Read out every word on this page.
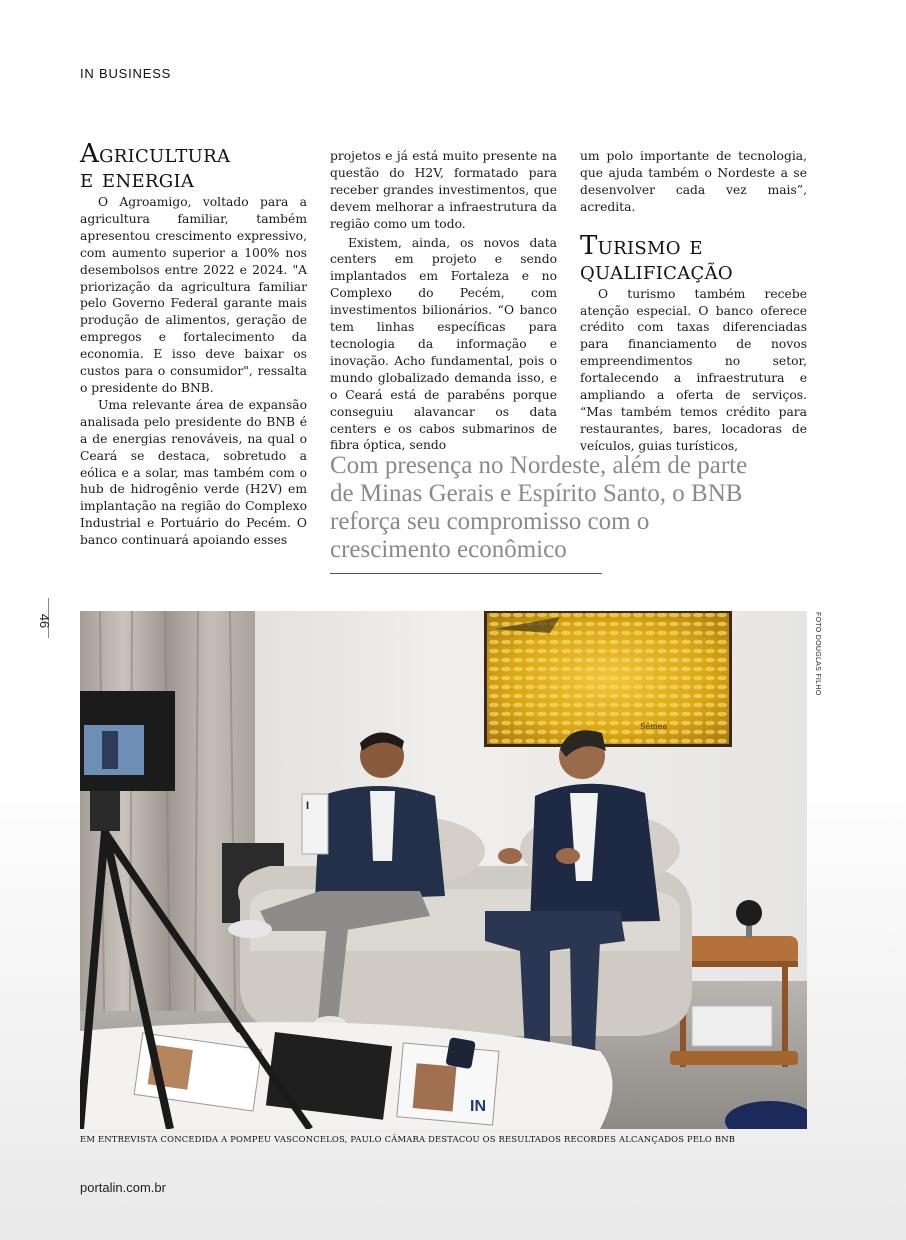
IN BUSINESS
Agricultura
e energia

O Agroamigo, voltado para a agricultura familiar, também apresentou crescimento expressivo, com aumento superior a 100% nos desembolsos entre 2022 e 2024. "A priorização da agricultura familiar pelo Governo Federal garante mais produção de alimentos, geração de empregos e fortalecimento da economia. E isso deve baixar os custos para o consumidor", ressalta o presidente do BNB.

Uma relevante área de expansão analisada pelo presidente do BNB é a de energias renováveis, na qual o Ceará se destaca, sobretudo a eólica e a solar, mas também com o hub de hidrogênio verde (H2V) em implantação na região do Complexo Industrial e Portuário do Pecém. O banco continuará apoiando esses

projetos e já está muito presente na questão do H2V, formatado para receber grandes investimentos, que devem melhorar a infraestrutura da região como um todo.

Existem, ainda, os novos data centers em projeto e sendo implantados em Fortaleza e no Complexo do Pecém, com investimentos bilionários. “O banco tem linhas específicas para tecnologia da informação e inovação. Acho fundamental, pois o mundo globalizado demanda isso, e o Ceará está de parabéns porque conseguiu alavancar os data centers e os cabos submarinos de fibra óptica, sendo

um polo importante de tecnologia, que ajuda também o Nordeste a se desenvolver cada vez mais”, acredita.

Turismo e
qualificação

O turismo também recebe atenção especial. O banco oferece crédito com taxas diferenciadas para financiamento de novos empreendimentos no setor, fortalecendo a infraestrutura e ampliando a oferta de serviços. “Mas também temos crédito para restaurantes, bares, locadoras de veículos, guias turísticos,

Com presença no Nordeste, além de parte de Minas Gerais e Espírito Santo, o BNB reforça seu compromisso com o crescimento econômico
46	FOTO DOUGLAS FILHO
Sêmea
I
IN
EM ENTREVISTA CONCEDIDA A POMPEU VASCONCELOS, PAULO CÂMARA DESTACOU OS RESULTADOS RECORDES ALCANÇADOS PELO BNB
portalin.com.br
